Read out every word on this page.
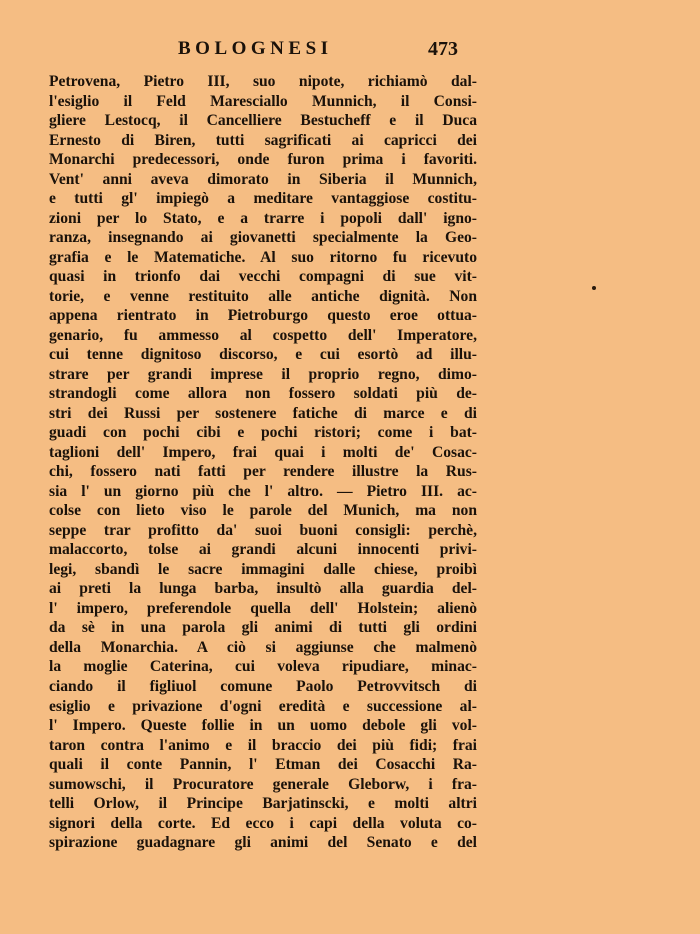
BOLOGNESI	473
Petrovena, Pietro III, suo nipote, richiamò dal-
l'esiglio il Feld Maresciallo Munnich, il Consi-
gliere Lestocq, il Cancelliere Bestucheff e il Duca
Ernesto di Biren, tutti sagrificati ai capricci dei
Monarchi predecessori, onde furon prima i favoriti.
Vent' anni aveva dimorato in Siberia il Munnich,
e tutti gl' impiegò a meditare vantaggiose costitu-
zioni per lo Stato, e a trarre i popoli dall' igno-
ranza, insegnando ai giovanetti specialmente la Geo-
grafia e le Matematiche. Al suo ritorno fu ricevuto
quasi in trionfo dai vecchi compagni di sue vit-
torie, e venne restituito alle antiche dignità. Non
appena rientrato in Pietroburgo questo eroe ottua-
genario, fu ammesso al cospetto dell' Imperatore,
cui tenne dignitoso discorso, e cui esortò ad illu-
strare per grandi imprese il proprio regno, dimo-
strandogli come allora non fossero soldati più de-
stri dei Russi per sostenere fatiche di marce e di
guadi con pochi cibi e pochi ristori; come i bat-
taglioni dell' Impero, frai quai i molti de' Cosac-
chi, fossero nati fatti per rendere illustre la Rus-
sia l' un giorno più che l' altro. — Pietro III. ac-
colse con lieto viso le parole del Munich, ma non
seppe trar profitto da' suoi buoni consigli: perchè,
malaccorto, tolse ai grandi alcuni innocenti privi-
legi, sbandì le sacre immagini dalle chiese, proibì
ai preti la lunga barba, insultò alla guardia del-
l' impero, preferendole quella dell' Holstein; alienò
da sè in una parola gli animi di tutti gli ordini
della Monarchia. A ciò si aggiunse che malmenò
la moglie Caterina, cui voleva ripudiare, minac-
ciando il figliuol comune Paolo Petrovvitsch di
esiglio e privazione d'ogni eredità e successione al-
l' Impero. Queste follie in un uomo debole gli vol-
taron contra l'animo e il braccio dei più fidi; frai
quali il conte Pannin, l' Etman dei Cosacchi Ra-
sumowschi, il Procuratore generale Gleborw, i fra-
telli Orlow, il Principe Barjatinscki, e molti altri
signori della corte. Ed ecco i capi della voluta co-
spirazione guadagnare gli animi del Senato e del
